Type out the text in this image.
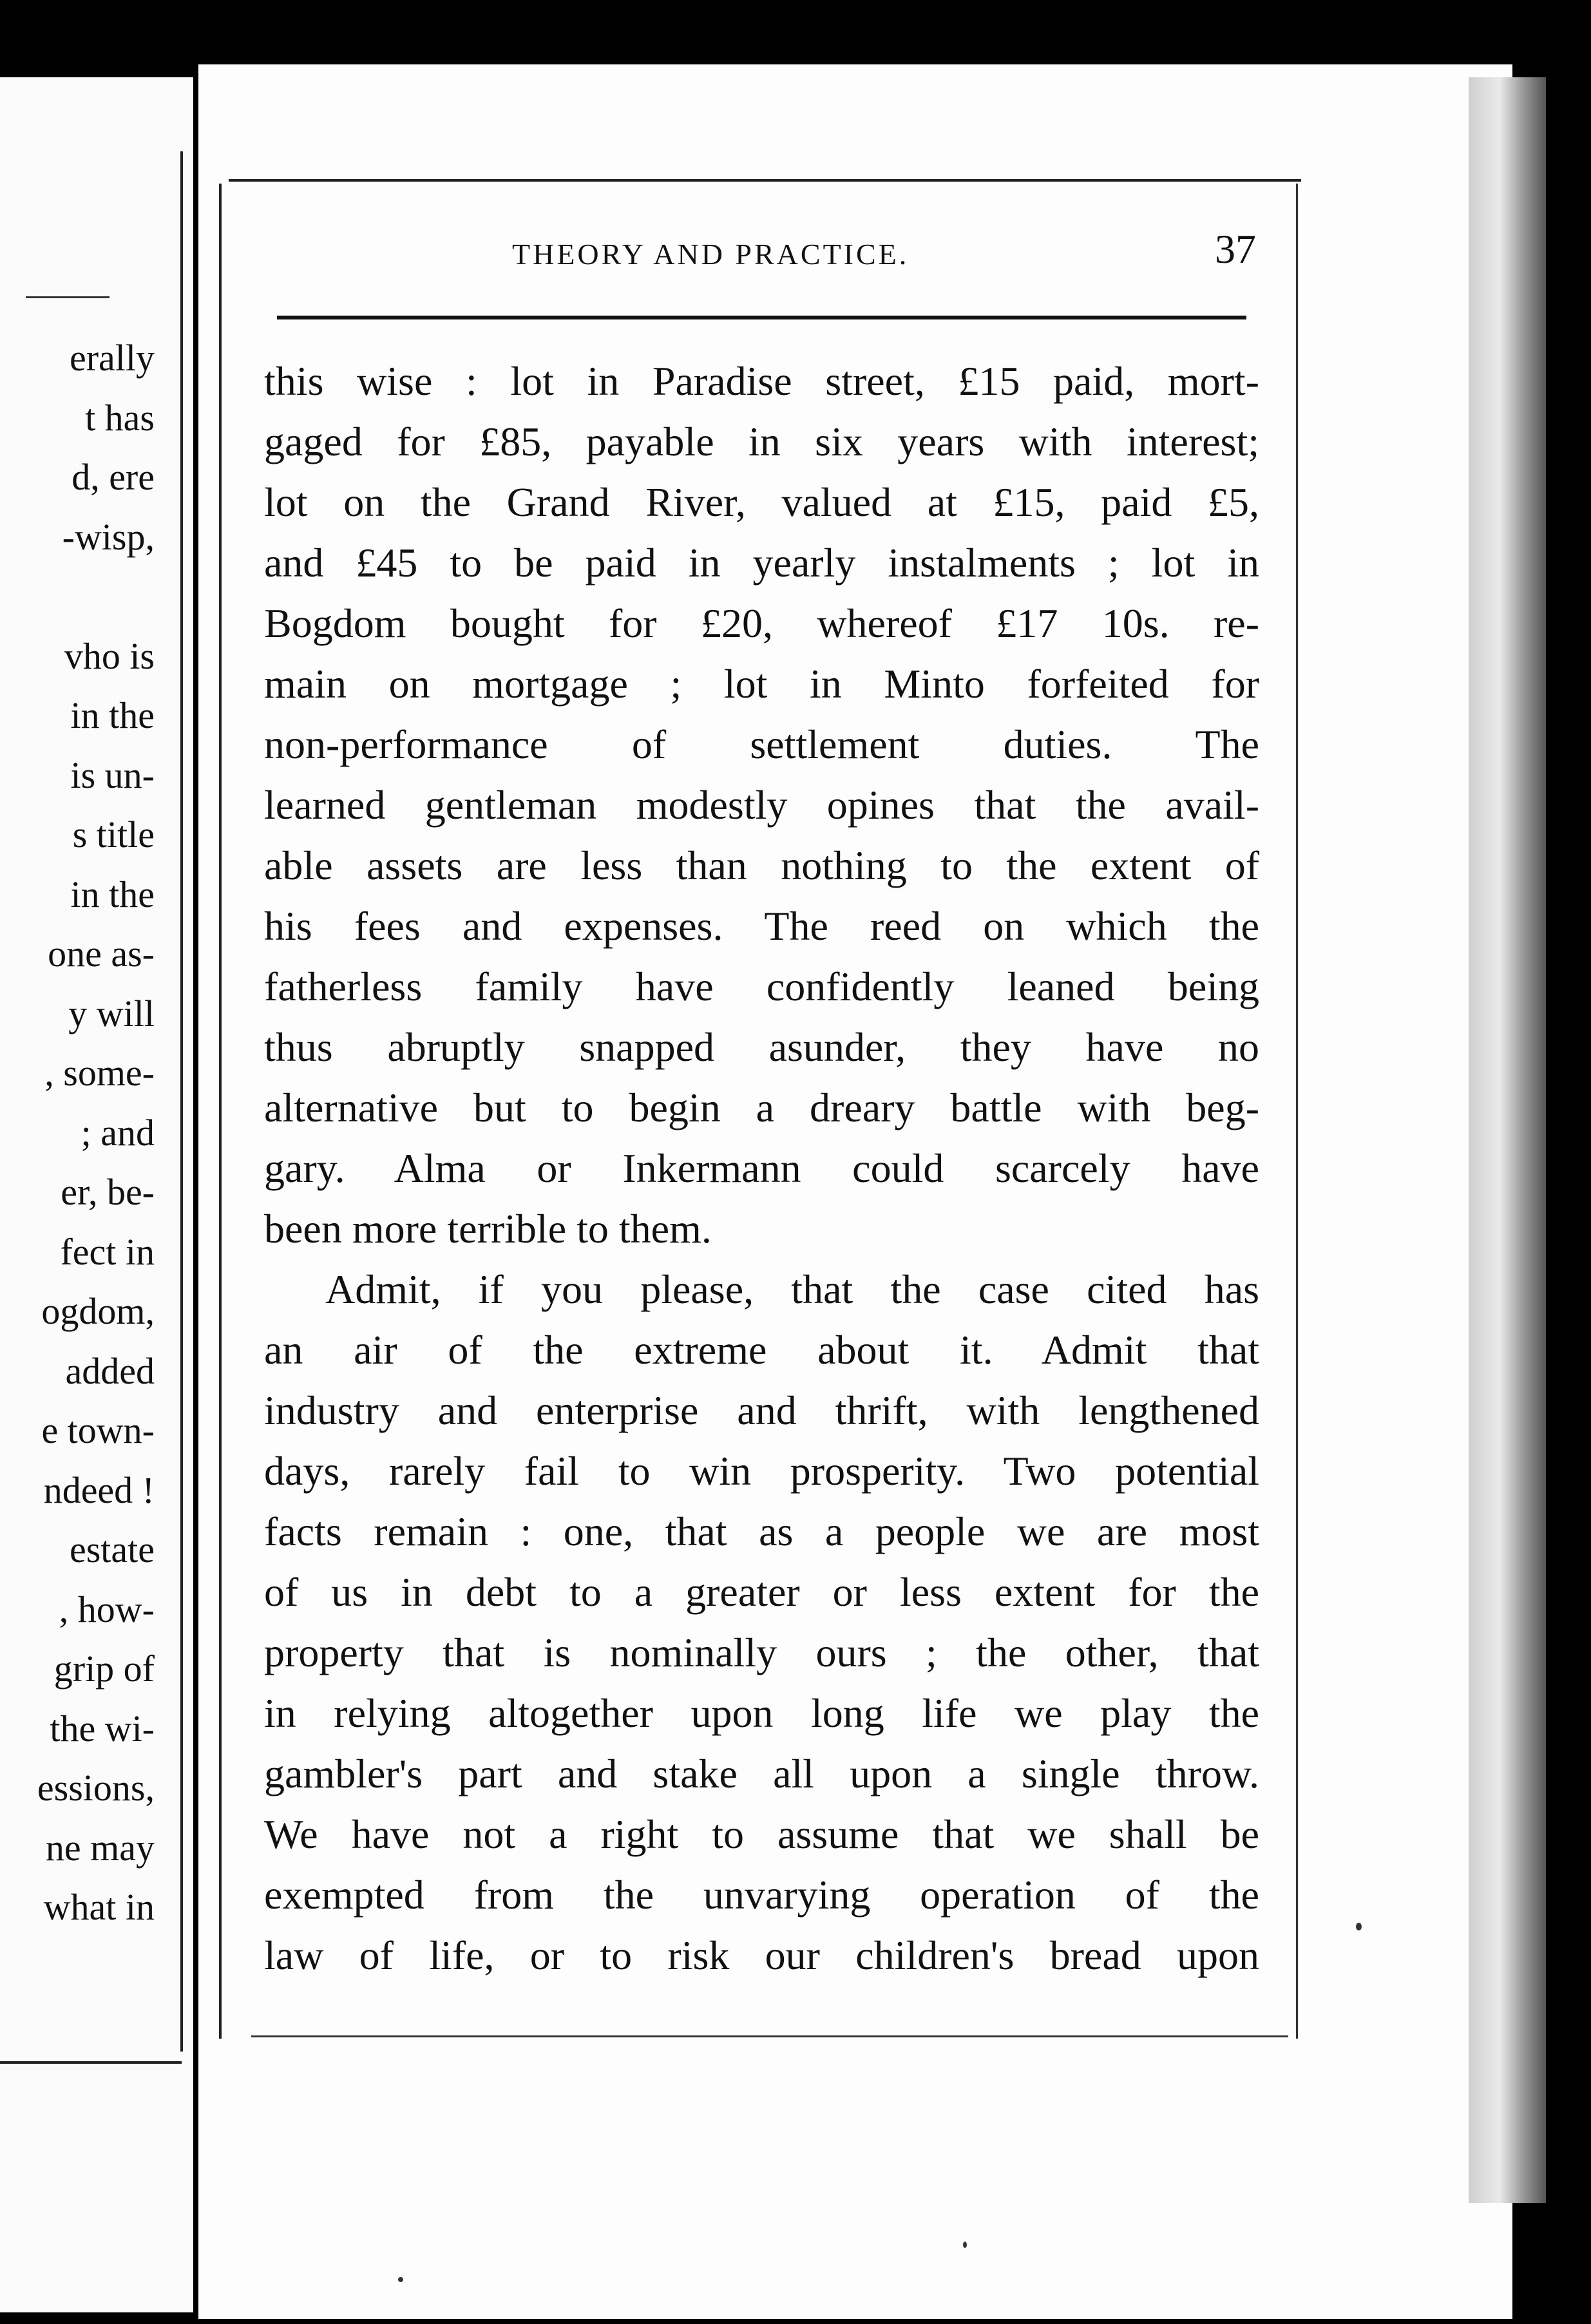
erally
t has
d, ere
-wisp,
vho is
in the
is un-
s title
in the
one as-
y will
, some-
; and
er, be-
fect in
ogdom,
added
e town-
ndeed !
estate
, how-
grip of
the wi-
essions,
ne may
what in
THEORY AND PRACTICE.	37
this wise : lot in Paradise street, £15 paid, mort-
gaged for £85, payable in six years with interest;
lot on the Grand River, valued at £15, paid £5,
and £45 to be paid in yearly instalments ; lot in
Bogdom bought for £20, whereof £17 10s. re-
main on mortgage ; lot in Minto forfeited for
non-performance of settlement duties. The
learned gentleman modestly opines that the avail-
able assets are less than nothing to the extent of
his fees and expenses. The reed on which the
fatherless family have confidently leaned being
thus abruptly snapped asunder, they have no
alternative but to begin a dreary battle with beg-
gary. Alma or Inkermann could scarcely have
been more terrible to them.
Admit, if you please, that the case cited has
an air of the extreme about it. Admit that
industry and enterprise and thrift, with lengthened
days, rarely fail to win prosperity. Two potential
facts remain : one, that as a people we are most
of us in debt to a greater or less extent for the
property that is nominally ours ; the other, that
in relying altogether upon long life we play the
gambler's part and stake all upon a single throw.
We have not a right to assume that we shall be
exempted from the unvarying operation of the
law of life, or to risk our children's bread upon
